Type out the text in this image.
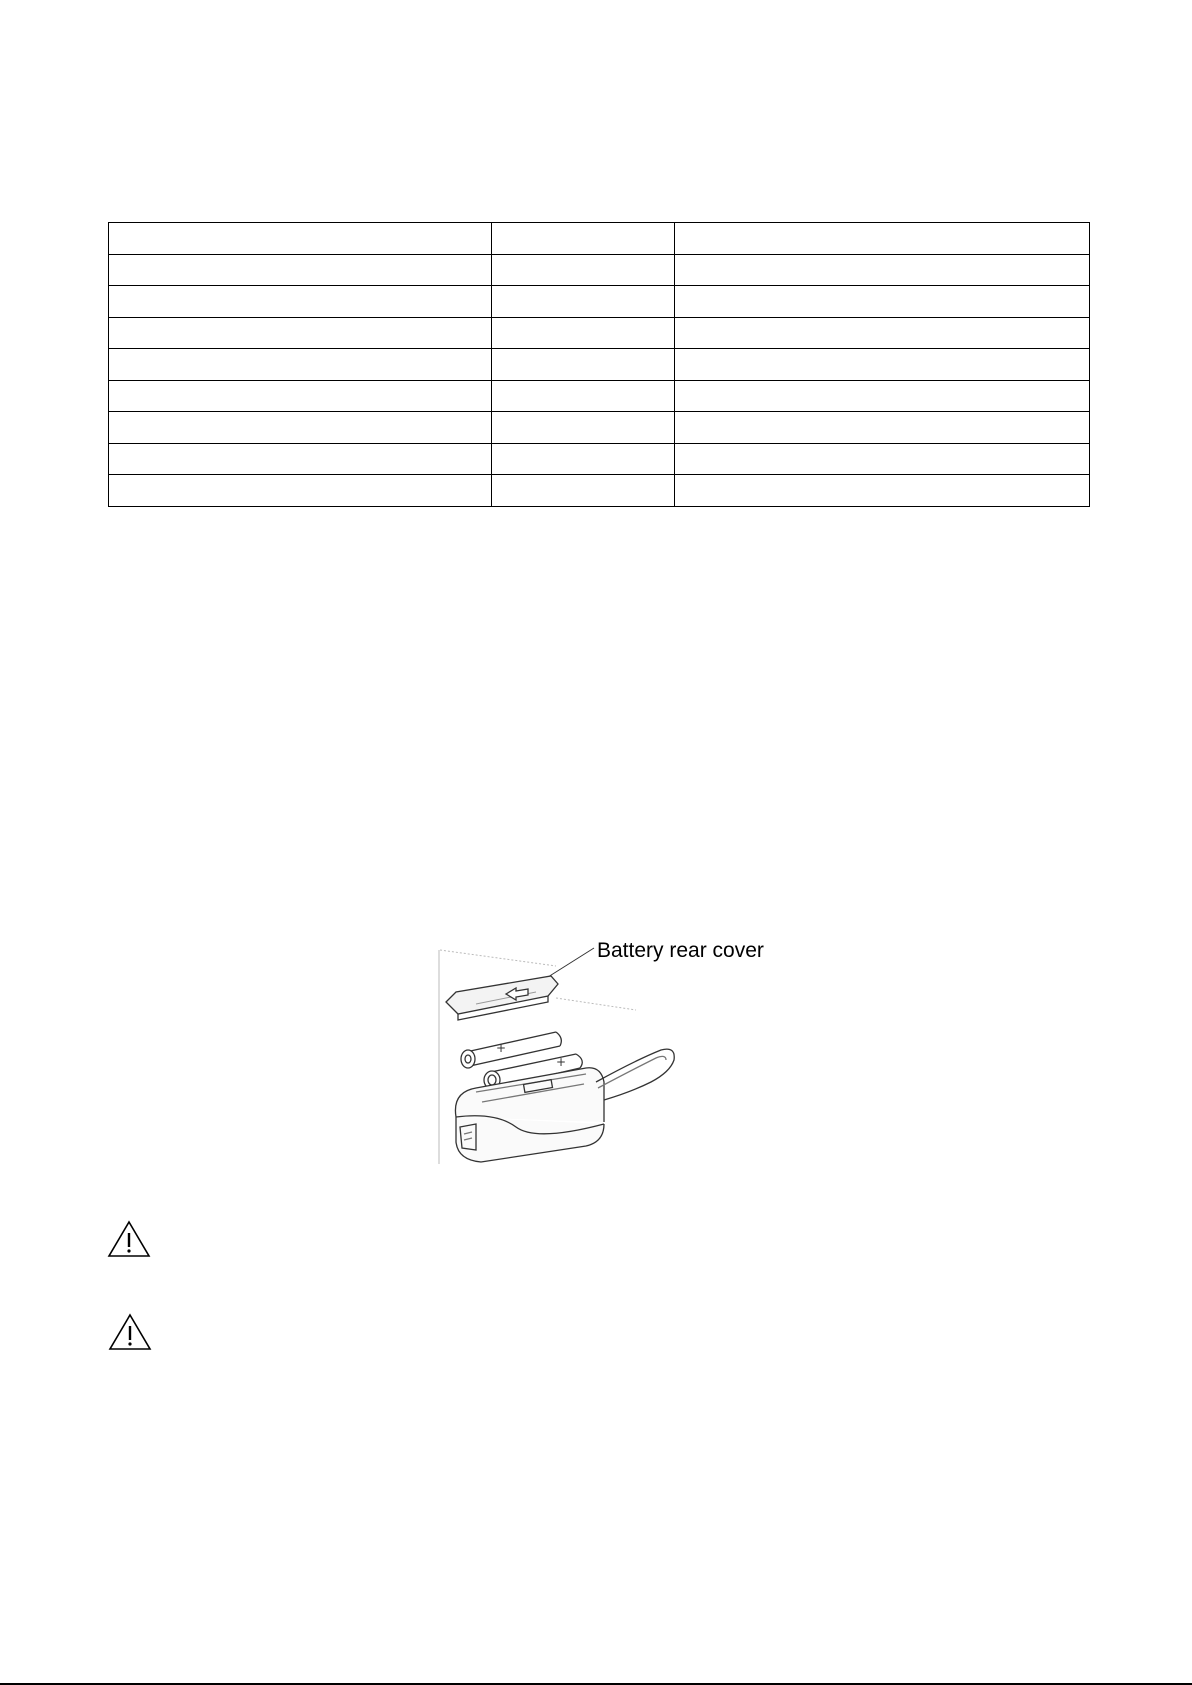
+
+
Battery rear cover
